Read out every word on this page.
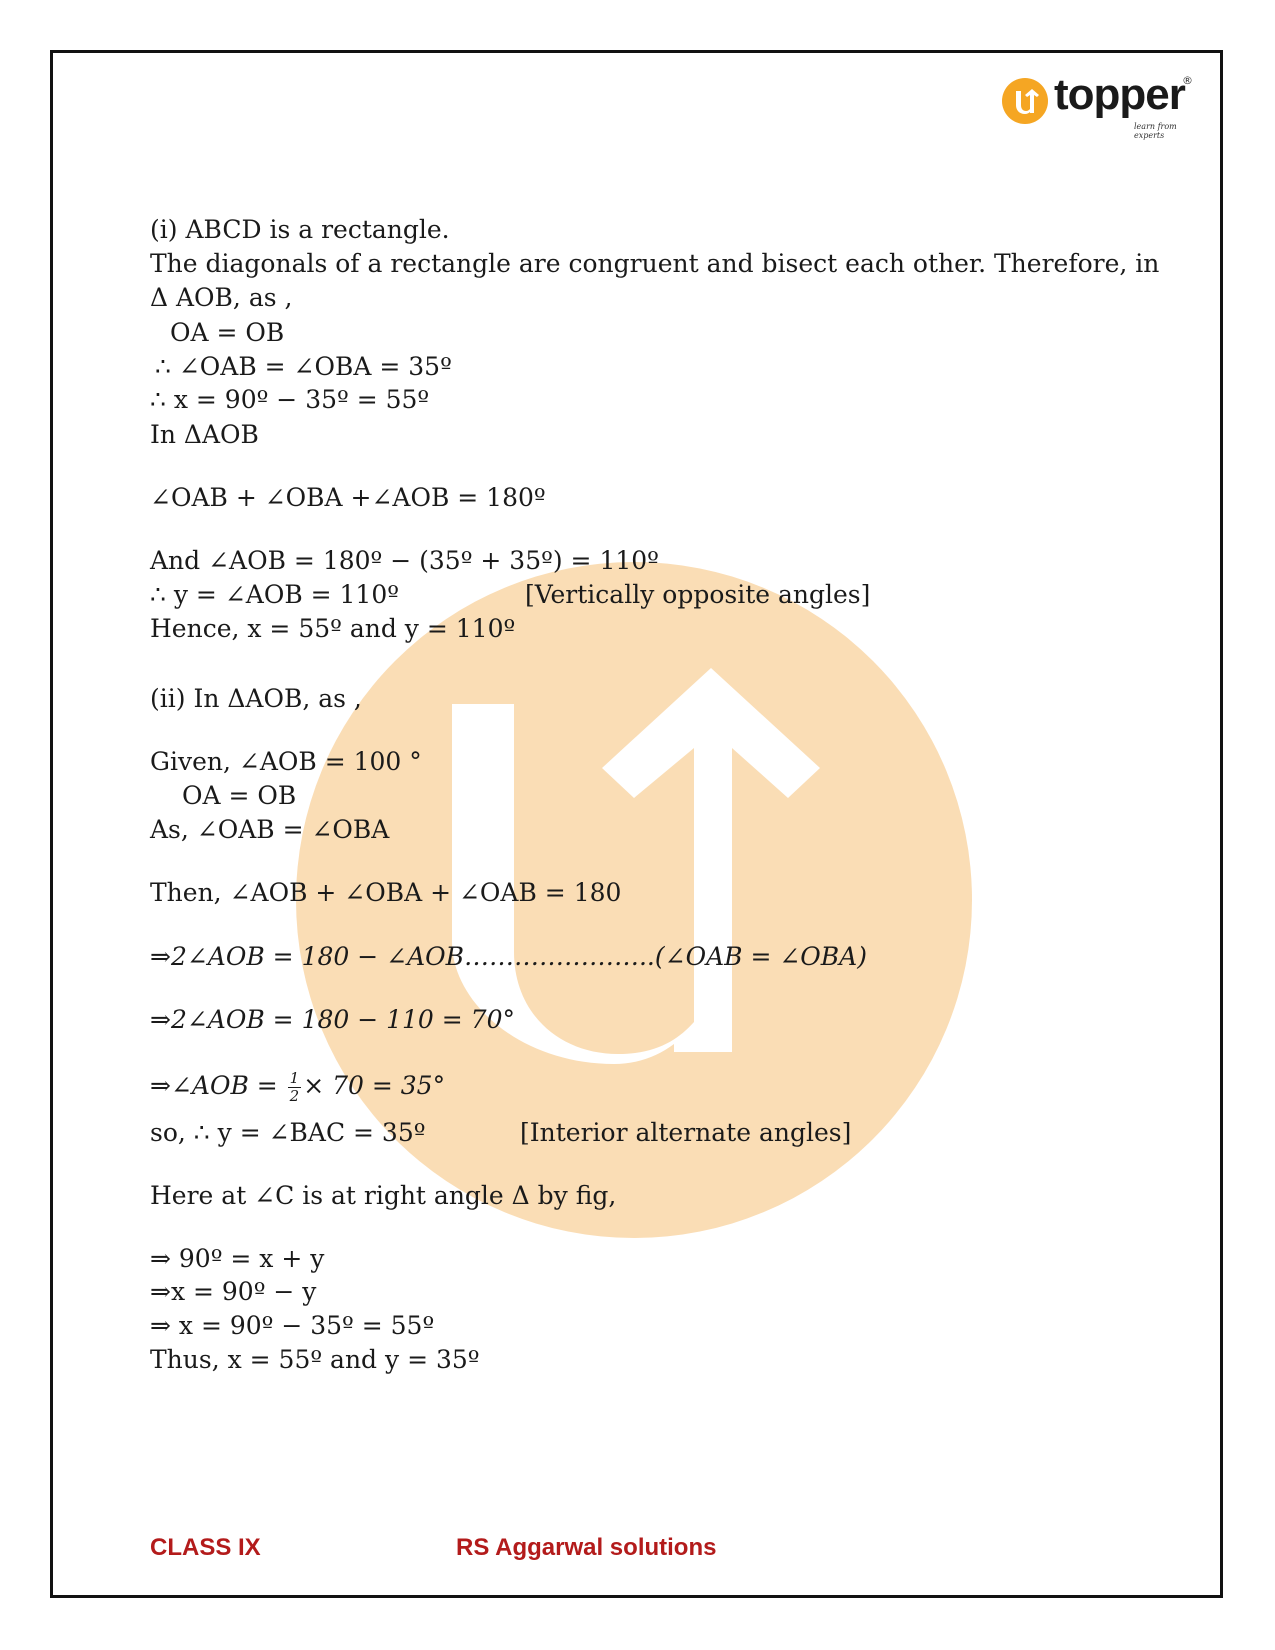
topper
®
learn from experts
(i) ABCD is a rectangle.
The diagonals of a rectangle are congruent and bisect each other. Therefore, in
Δ AOB, as ,
OA = OB
∴ ∠OAB = ∠OBA = 35º
∴ x = 90º − 35º = 55º
In ΔAOB
∠OAB + ∠OBA +∠AOB = 180º
And ∠AOB = 180º − (35º + 35º) = 110º
∴ y = ∠AOB = 110º	[Vertically opposite angles]
Hence, x = 55º and y = 110º
(ii) In ΔAOB, as ,
Given, ∠AOB = 100 °
OA = OB
As, ∠OAB = ∠OBA
Then, ∠AOB + ∠OBA + ∠OAB = 180
⇒2∠AOB = 180 − ∠AOB…………………..(∠OAB = ∠OBA)
⇒2∠AOB = 180 − 110 = 70°
⇒∠AOB = $\frac{1}{2} \times 70 = 35^\circ$
so, ∴ y = ∠BAC = 35º	[Interior alternate angles]
Here at ∠C is at right angle Δ by fig,
⇒ 90º = x + y
⇒x = 90º − y
⇒ x = 90º − 35º = 55º
Thus, x = 55º and y = 35º
CLASS IX	RS Aggarwal solutions
